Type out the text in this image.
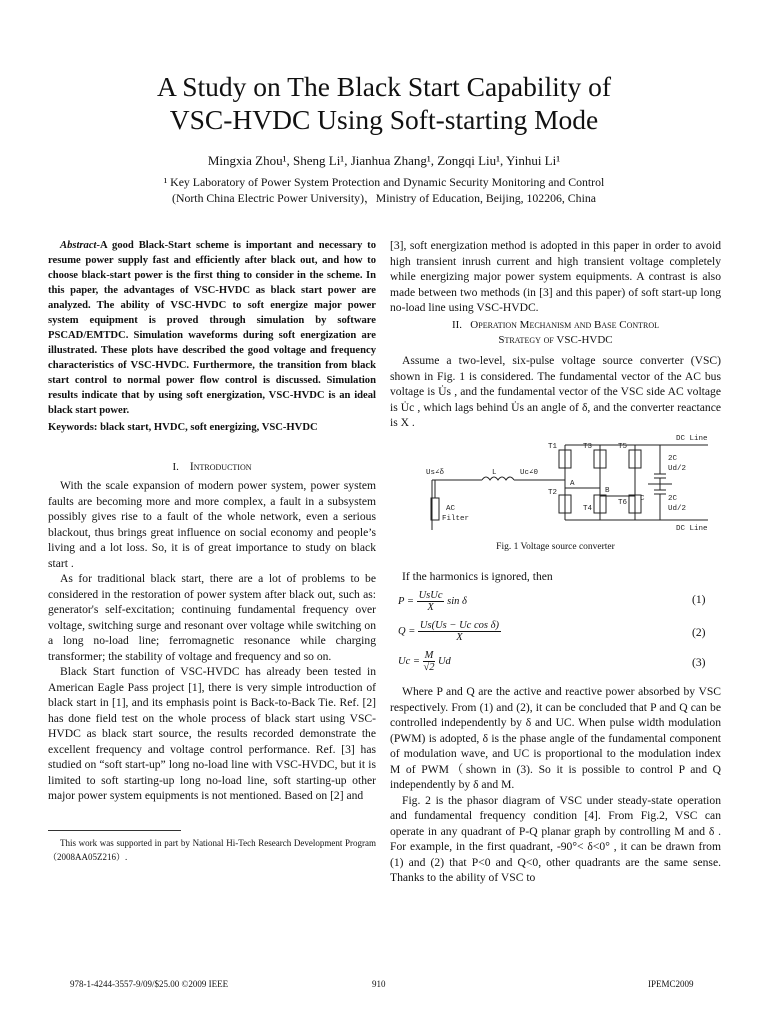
A Study on The Black Start Capability of
VSC-HVDC Using Soft-starting Mode
Mingxia Zhou¹, Sheng Li¹, Jianhua Zhang¹, Zongqi Liu¹, Yinhui Li¹
¹ Key Laboratory of Power System Protection and Dynamic Security Monitoring and Control
(North China Electric Power University)，Ministry of Education, Beijing, 102206, China
Abstract-A good Black-Start scheme is important and necessary to resume power supply fast and efficiently after black out, and how to choose black-start power is the first thing to consider in the scheme. In this paper, the advantages of VSC-HVDC as black start power are analyzed. The ability of VSC-HVDC to soft energize major power system equipment is proved through simulation by software PSCAD/EMTDC. Simulation waveforms during soft energization are illustrated. These plots have described the good voltage and frequency characteristics of VSC-HVDC. Furthermore, the transition from black start control to normal power flow control is discussed. Simulation results indicate that by using soft energization, VSC-HVDC is an ideal black start power.
Keywords: black start, HVDC, soft energizing, VSC-HVDC
I. Introduction

With the scale expansion of modern power system, power system faults are becoming more and more complex, a fault in a subsystem possibly gives rise to a fault of the whole network, even a serious blackout, thus brings great influence on social economy and people’s living and a lot loss. So, it is of great importance to study on black start .

As for traditional black start, there are a lot of problems to be considered in the restoration of power system after black out, such as: generator's self-excitation; continuing fundamental frequency over voltage, switching surge and resonant over voltage while switching on a long no-load line; ferromagnetic resonance while charging transformer; the stability of voltage and frequency and so on.

Black Start function of VSC-HVDC has already been tested in American Eagle Pass project [1], there is very simple introduction of black start in [1], and its emphasis point is Back-to-Back Tie. Ref. [2] has done field test on the whole process of black start using VSC-HVDC as black start source, the results recorded demonstrate the excellent frequency and voltage control performance. Ref. [3] has studied on “soft start-up” long no-load line with VSC-HVDC, but it is limited to soft starting-up long no-load line, soft starting-up other major power system equipments is not mentioned. Based on [2] and

This work was supported in part by National Hi-Tech Research Development Program （2008AA05Z216）.

[3], soft energization method is adopted in this paper in order to avoid high transient inrush current and high transient voltage completely while energizing major power system equipments. A contrast is also made between two methods (in [3] and this paper) of soft start-up long no-load line using VSC-HVDC.

II. Operation Mechanism and Base Control
Strategy of VSC-HVDC

Assume a two-level, six-pulse voltage source converter (VSC) shown in Fig. 1 is considered. The fundamental vector of the AC bus voltage is U̇s , and the fundamental vector of the VSC side AC voltage is U̇c , which lags behind U̇s an angle of δ, and the converter reactance is X .

Us∠δ	Uc∠0
L
A
B
C
T1
T2
T3
T4
T5
T6
DC Line
DC Line
2C
Ud/2
2C
Ud/2
AC
Filter
Fig. 1 Voltage source converter
If the harmonics is ignored, then
$P = \frac{\text{UsUc}}{X}$ sin δ	(1)
$Q = \frac{\text{Us(Us − Uc cos δ)}}{X}$	(2)
$Uc = \frac{M}{√2}$ Ud	(3)

Where P and Q are the active and reactive power absorbed by VSC respectively. From (1) and (2), it can be concluded that P and Q can be controlled independently by δ and UC. When pulse width modulation (PWM) is adopted, δ is the phase angle of the fundamental component of modulation wave, and UC is proportional to the modulation index M of PWM（shown in (3). So it is possible to control P and Q independently by δ and M.

Fig. 2 is the phasor diagram of VSC under steady-state operation and fundamental frequency condition [4]. From Fig.2, VSC can operate in any quadrant of P-Q planar graph by controlling M and δ . For example, in the first quadrant, -90°< δ<0° , it can be drawn from (1) and (2) that P<0 and Q<0, other quadrants are the same sense. Thanks to the ability of VSC to

978-1-4244-3557-9/09/$25.00 ©2009 IEEE	910	IPEMC2009
